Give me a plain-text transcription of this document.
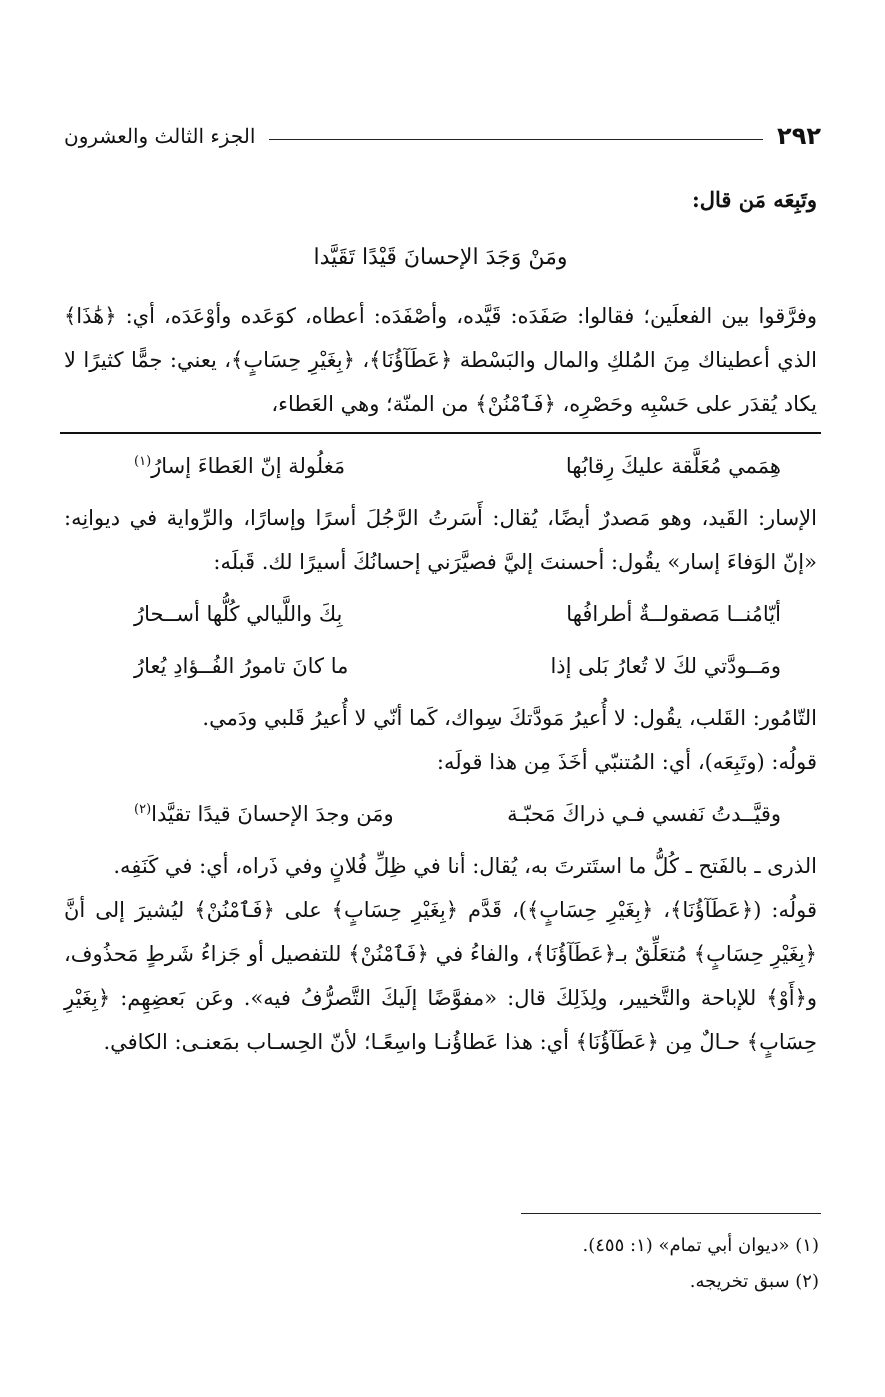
٢٩٢
الجزء الثالث والعشرون

وتَبِعَه مَن قال:

ومَنْ وَجَدَ الإحسانَ قَيْدًا تَقَيَّدا

وفرَّقوا بين الفعلَين؛ فقالوا: صَفَدَه: قَيَّده، وأصْفَدَه: أعطاه، كوَعَده وأوْعَدَه، أي: ﴿هَٰذَا﴾ الذي أعطيناك مِنَ المُلكِ والمال والبَسْطة ﴿عَطَآؤُنَا﴾، ﴿بِغَيْرِ حِسَابٍ﴾، يعني: جمًّا كثيرًا لا يكاد يُقدَر على حَسْبِه وحَصْرِه، ﴿فَٱمْنُنْ﴾ من المنّة؛ وهي العَطاء،

هِمَمي مُعَلَّقة عليكَ رِقابُها
مَغلُولة إنّ العَطاءَ إسارُ$^{(١)}$

الإسار: القَيد، وهو مَصدرٌ أيضًا، يُقال: أَسَرتُ الرَّجُلَ أسرًا وإسارًا، والرِّواية في ديوانِه: «إنّ الوَفاءَ إسار» يقُول: أحسنتَ إليَّ فصيَّرَني إحسانُكَ أسيرًا لك. قَبلَه:

أيّامُنــا مَصقولــةٌ أطرافُها
بِكَ واللَّيالي كُلُّها أســحارُ
ومَــودَّتي لكَ لا تُعارُ بَلى إذا
ما كانَ تامورُ الفُــؤادِ يُعارُ

التّامُور: القَلب، يقُول: لا أُعيرُ مَودَّتكَ سِواك، كَما أنّي لا أُعيرُ قَلبي ودَمي.

قولُه: (وتَبِعَه)، أي: المُتنبّي أخَذَ مِن هذا قولَه:

وقيَّــدتُ نَفسي فـي ذراكَ مَحبّـة
ومَن وجدَ الإحسانَ قيدًا تقيَّدا$^{(٢)}$

الذرى ـ بالفَتح ـ كُلُّ ما استَترتَ به، يُقال: أنا في ظِلِّ فُلانٍ وفي ذَراه، أي: في كَنَفِه.

قولُه: (﴿عَطَآؤُنَا﴾، ﴿بِغَيْرِ حِسَابٍ﴾)، قَدَّم ﴿بِغَيْرِ حِسَابٍ﴾ على ﴿فَٱمْنُنْ﴾ ليُشيرَ إلى أنَّ ﴿بِغَيْرِ حِسَابٍ﴾ مُتعَلِّقٌ بـ﴿عَطَآؤُنَا﴾، والفاءُ في ﴿فَٱمْنُنْ﴾ للتفصيل أو جَزاءُ شَرطٍ مَحذُوف، و﴿أَوْ﴾ للإباحة والتَّخيير، ولِذَلِكَ قال: «مفوَّضًا إلَيكَ التَّصرُّفُ فيه». وعَن بَعضِهِم: ﴿بِغَيْرِ حِسَابٍ﴾ حـالٌ مِن ﴿عَطَآؤُنَا﴾ أي: هذا عَطاؤُنـا واسِعًـا؛ لأنّ الحِسـاب بمَعنـى: الكافي.

(١) «ديوان أبي تمام» (١: ٤٥٥).
(٢) سبق تخريجه.
